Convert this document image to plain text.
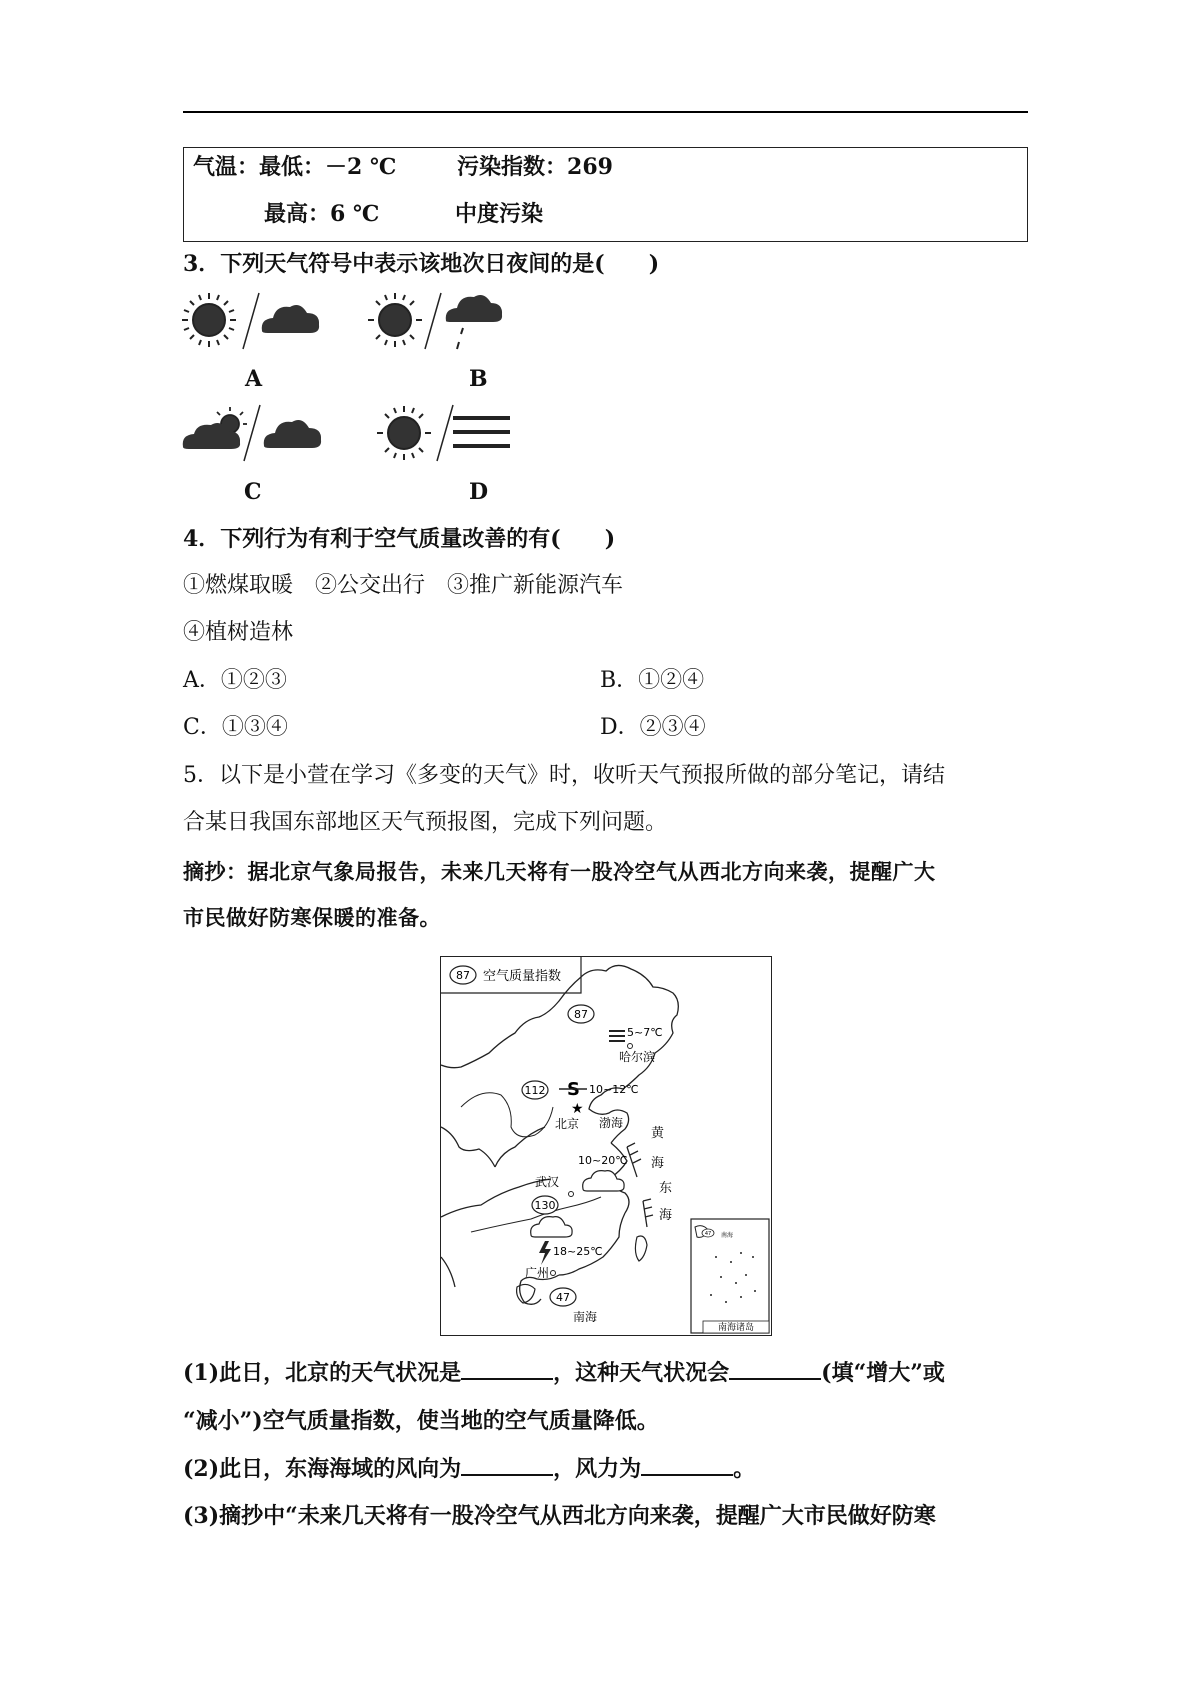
气温：最低：－2 ℃	污染指数：269
最高：6 ℃	中度污染
3．下列天气符号中表示该地次日夜间的是(　　)
A	B
C	D
4．下列行为有利于空气质量改善的有(　　)
①燃煤取暖　②公交出行　③推广新能源汽车
④植树造林
A．①②③	B．①②④
C．①③④	D．②③④
5．以下是小萱在学习《多变的天气》时，收听天气预报所做的部分笔记，请结
合某日我国东部地区天气预报图，完成下列问题。
摘抄：据北京气象局报告，未来几天将有一股冷空气从西北方向来袭，提醒广大
市民做好防寒保暖的准备。
87 空气质量指数
87
5~7℃
哈尔滨
112 S 10~12℃
★
北京 渤海
黄
海
10~20℃
武汉
130
东
海
18~25℃
广州
47
南海
47 南海
南海诸岛
(1)此日，北京的天气状况是	，这种天气状况会	(填“增大”或
“减小”)空气质量指数，使当地的空气质量降低。
(2)此日，东海海域的风向为	，风力为	。
(3)摘抄中“未来几天将有一股冷空气从西北方向来袭，提醒广大市民做好防寒
